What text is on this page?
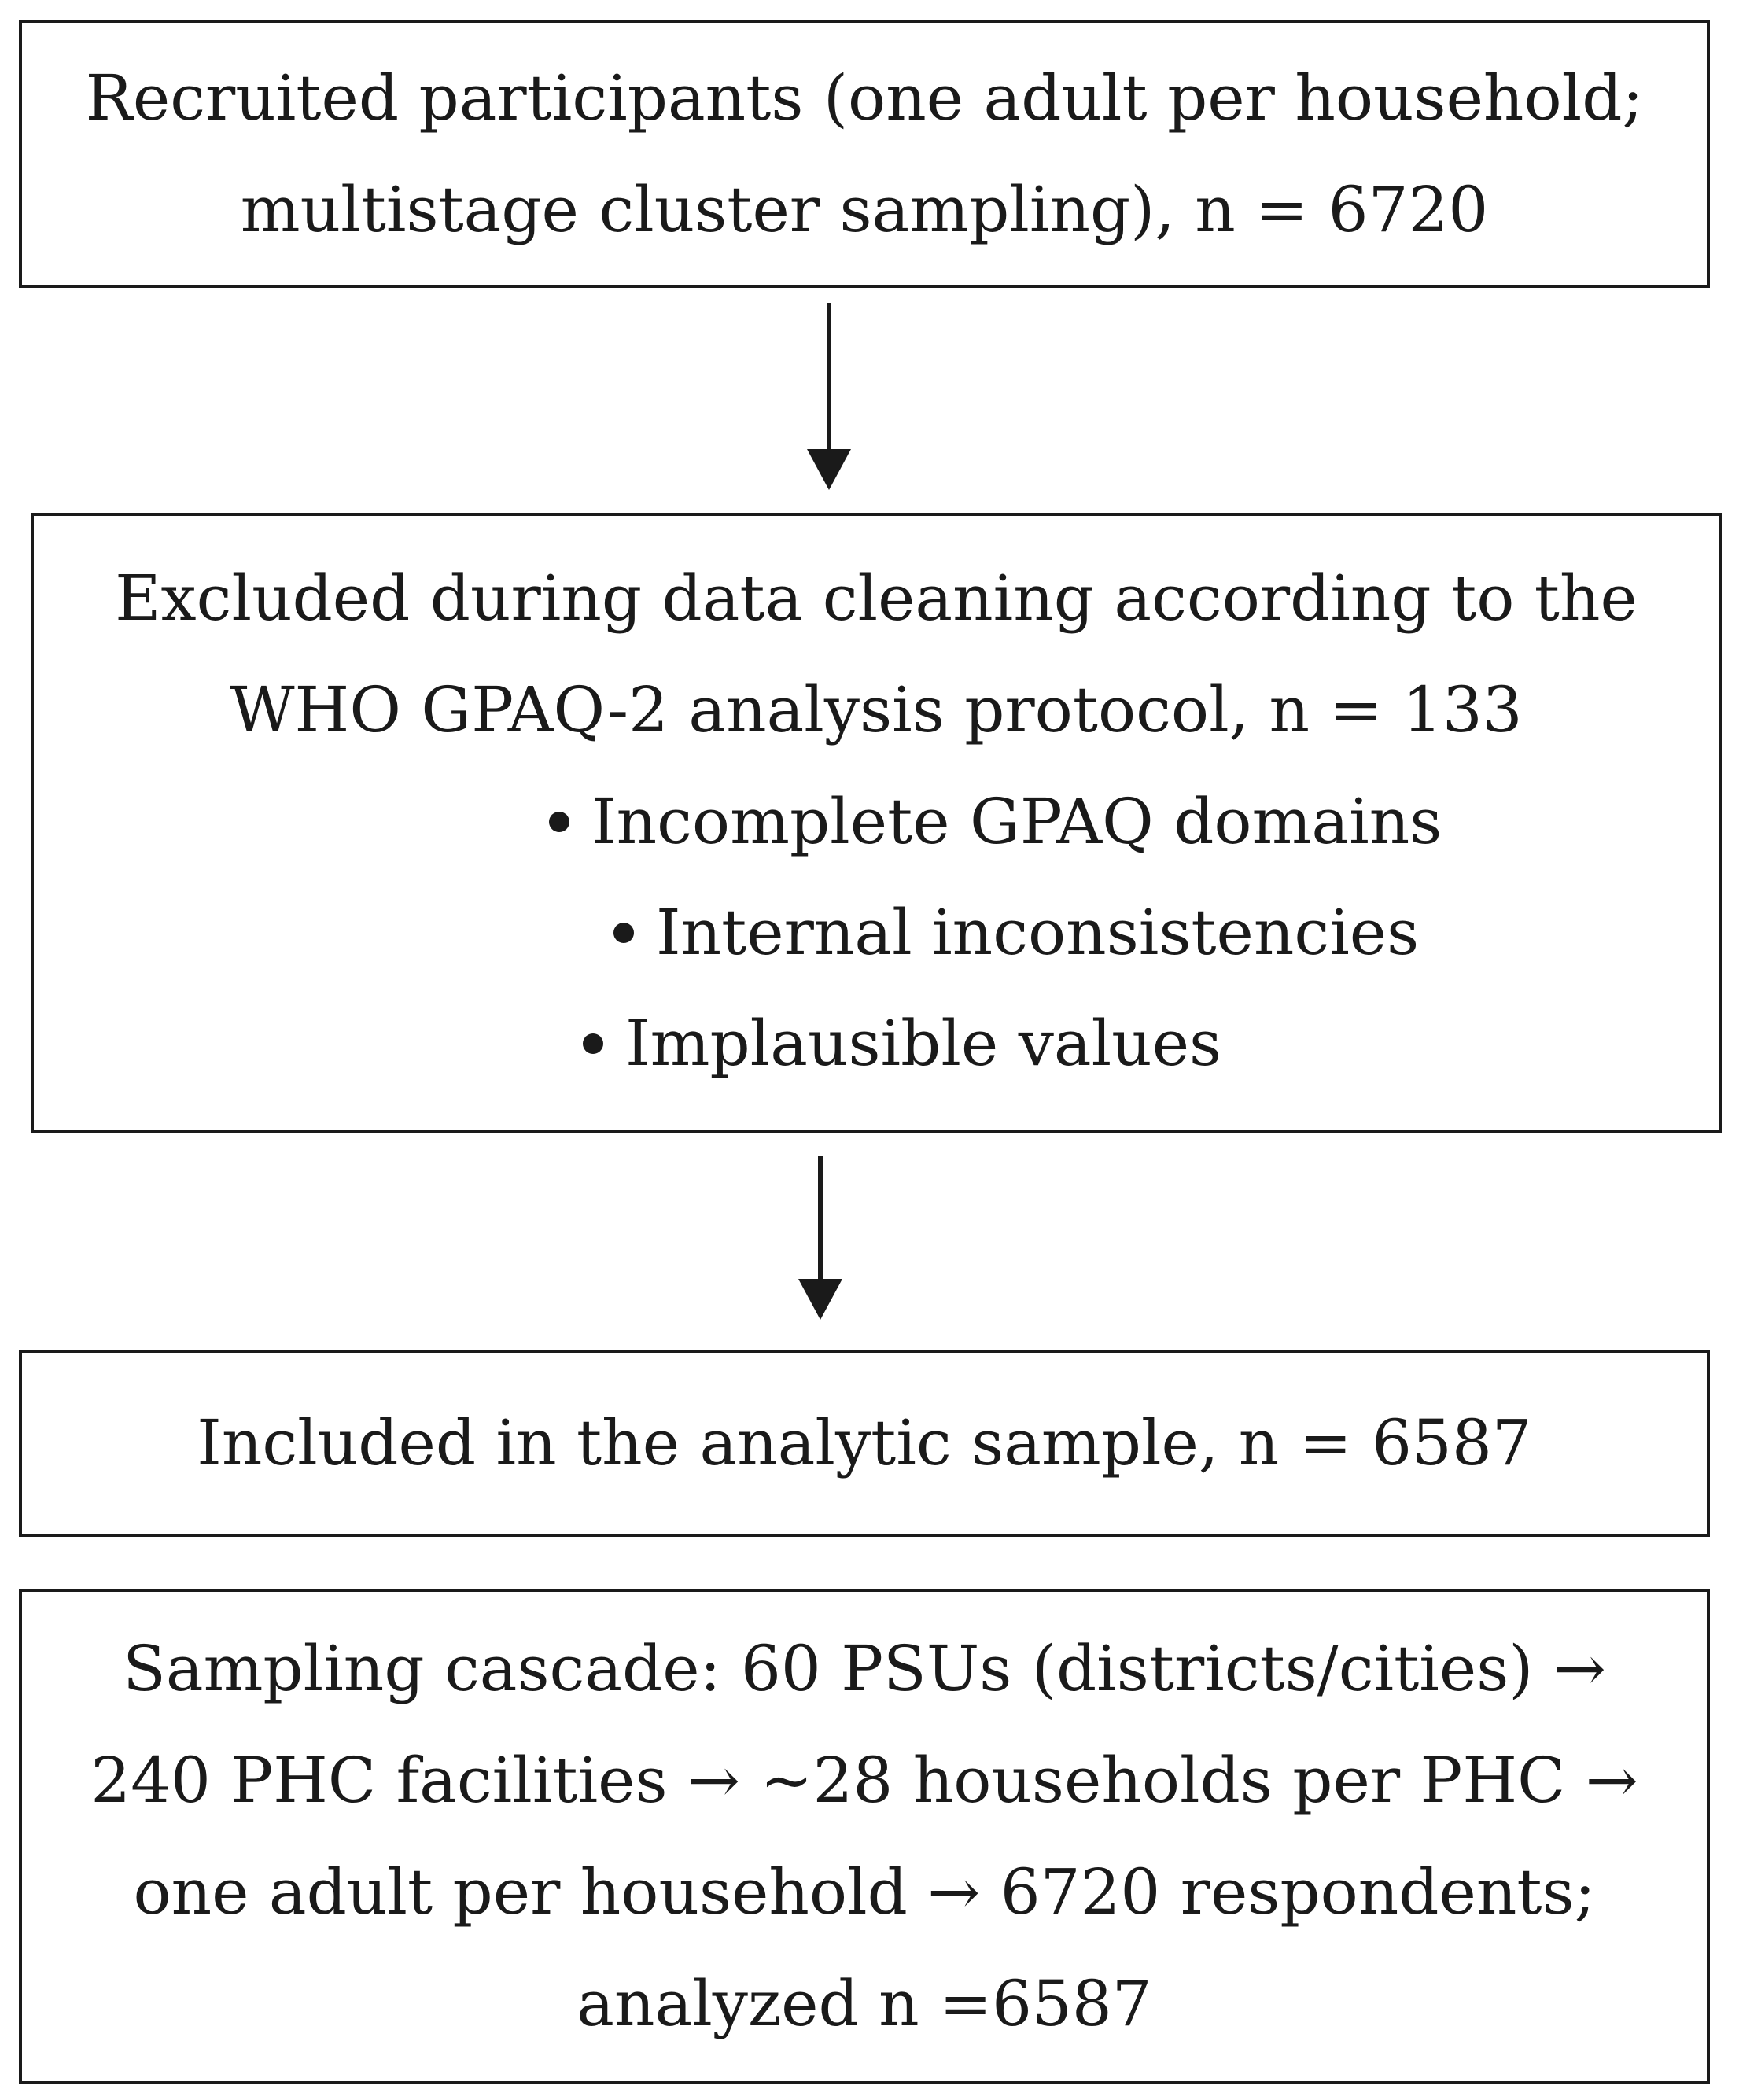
Recruited participants (one adult per household;
multistage cluster sampling), n = 6720
Excluded during data cleaning according to the
WHO GPAQ-2 analysis protocol, n = 133
Incomplete GPAQ domains
Internal inconsistencies
Implausible values
Included in the analytic sample, n = 6587
Sampling cascade: 60 PSUs (districts/cities) →
240 PHC facilities → ~28 households per PHC →
one adult per household → 6720 respondents;
analyzed n =6587
